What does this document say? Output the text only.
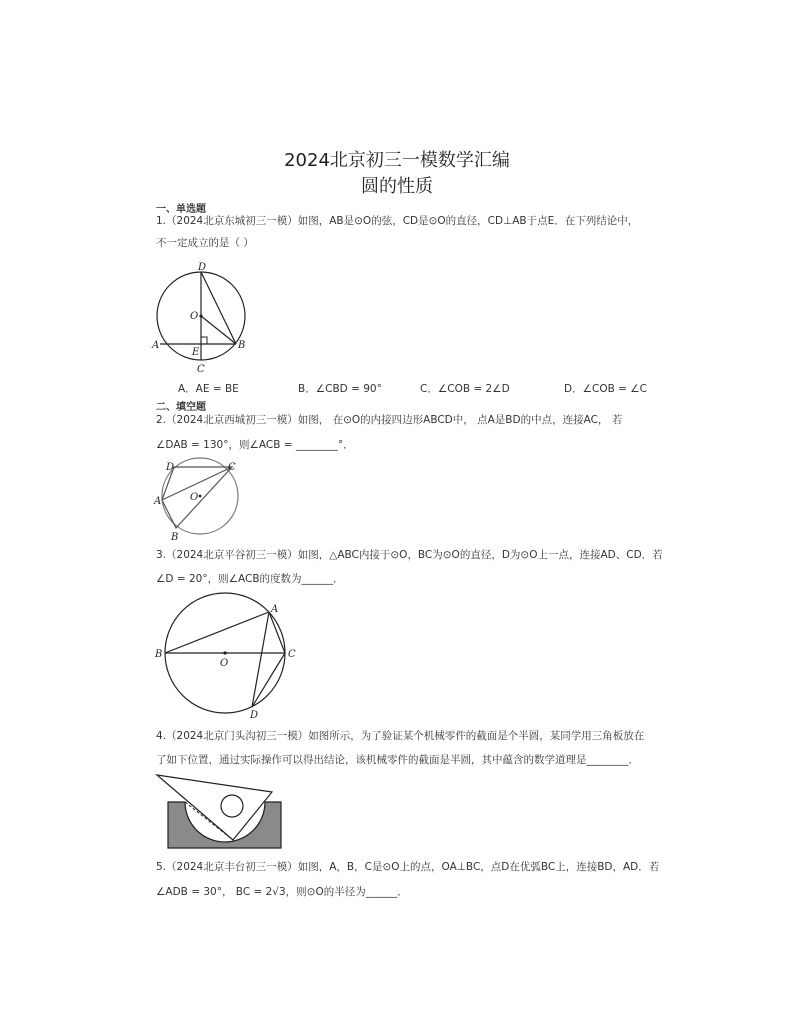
2024北京初三一模数学汇编
圆的性质
一、单选题
1.（2024北京东城初三一模）如图，AB是⊙O的弦，CD是⊙O的直径，CD⊥AB于点E．在下列结论中，
不一定成立的是（ ）
D
O
A
E
B
C
A．AE = BE	B．∠CBD = 90°	C．∠COB = 2∠D	D．∠COB = ∠C
二、填空题
2.（2024北京西城初三一模）如图， 在⊙O的内接四边形ABCD中， 点A是BD的中点，连接AC， 若
∠DAB = 130°，则∠ACB = ________°．
D	C
A	O
B
3.（2024北京平谷初三一模）如图，△ABC内接于⊙O，BC为⊙O的直径，D为⊙O上一点，连接AD、CD．若
∠D = 20°，则∠ACB的度数为______．
A
B
O
C
D
4.（2024北京门头沟初三一模）如图所示，为了验证某个机械零件的截面是个半圆，某同学用三角板放在
了如下位置，通过实际操作可以得出结论，该机械零件的截面是半圆，其中蕴含的数学道理是________．
5.（2024北京丰台初三一模）如图，A，B，C是⊙O上的点，OA⊥BC，点D在优弧BC上，连接BD，AD．若
∠ADB = 30°， BC = 2√3，则⊙O的半径为______．
